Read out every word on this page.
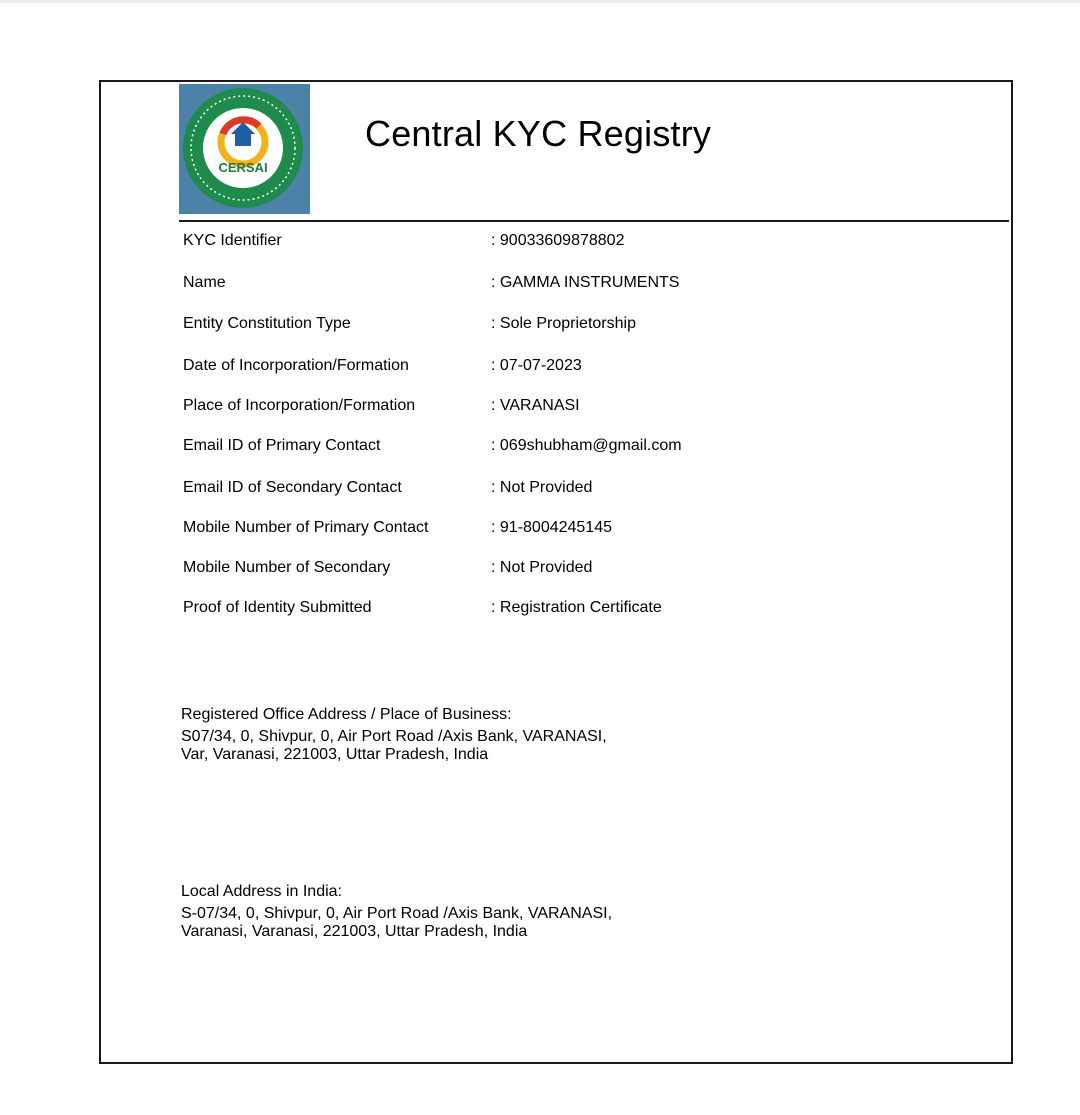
CERSAI
Central KYC Registry
KYC Identifier	: 90033609878802
Name	: GAMMA INSTRUMENTS
Entity Constitution Type	: Sole Proprietorship
Date of Incorporation/Formation	: 07-07-2023
Place of Incorporation/Formation	: VARANASI
Email ID of Primary Contact	: 069shubham@gmail.com
Email ID of Secondary Contact	: Not Provided
Mobile Number of Primary Contact	: 91-8004245145
Mobile Number of Secondary	: Not Provided
Proof of Identity Submitted	: Registration Certificate
Registered Office Address / Place of Business:
S07/34, 0, Shivpur, 0, Air Port Road /Axis Bank, VARANASI,
Var, Varanasi, 221003, Uttar Pradesh, India
Local Address in India:
S-07/34, 0, Shivpur, 0, Air Port Road /Axis Bank, VARANASI,
Varanasi, Varanasi, 221003, Uttar Pradesh, India
